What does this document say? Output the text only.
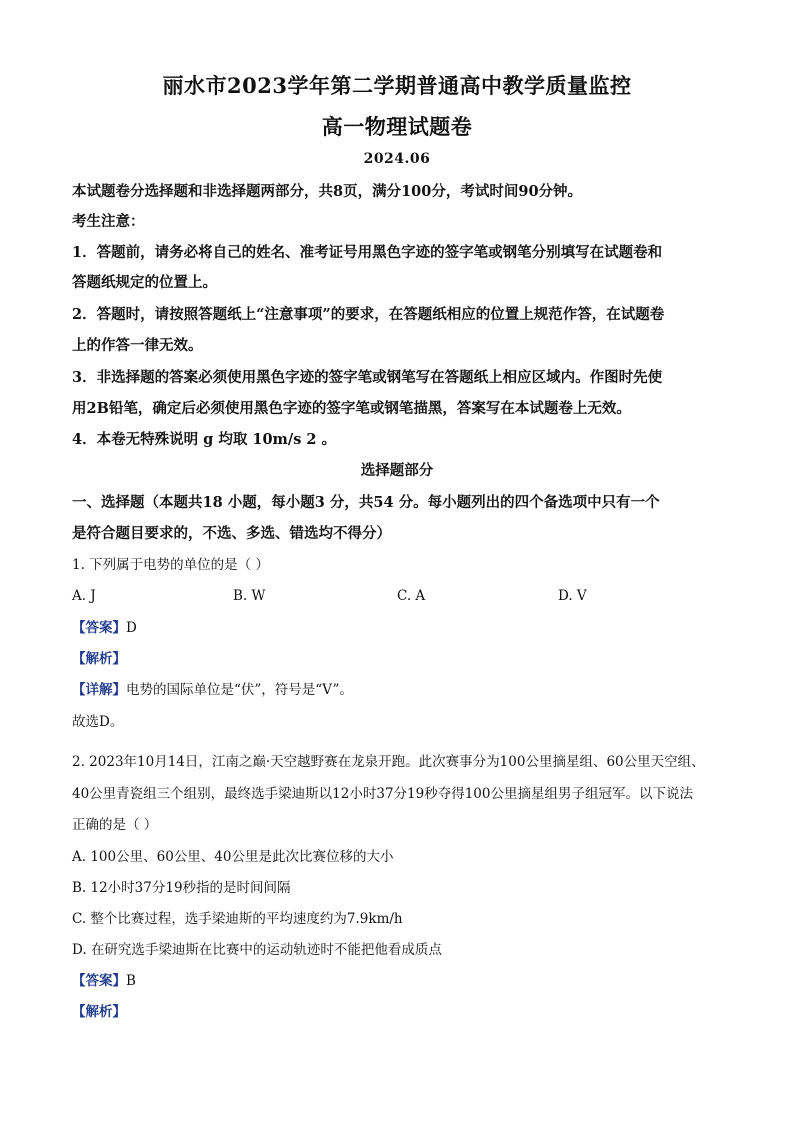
丽水市2023学年第二学期普通高中教学质量监控
高一物理试题卷
2024.06
本试题卷分选择题和非选择题两部分，共8页，满分100分，考试时间90分钟。
考生注意：
1．答题前，请务必将自己的姓名、准考证号用黑色字迹的签字笔或钢笔分别填写在试题卷和
答题纸规定的位置上。
2．答题时，请按照答题纸上“注意事项”的要求，在答题纸相应的位置上规范作答，在试题卷
上的作答一律无效。
3．非选择题的答案必须使用黑色字迹的签字笔或钢笔写在答题纸上相应区域内。作图时先使
用2B铅笔，确定后必须使用黑色字迹的签字笔或钢笔描黑，答案写在本试题卷上无效。
4．本卷无特殊说明 g 均取 10m/s 2 。
选择题部分
一、选择题（本题共18 小题，每小题3 分，共54 分。每小题列出的四个备选项中只有一个
是符合题目要求的，不选、多选、错选均不得分）
1. 下列属于电势的单位的是（ ）
A. J	B. W	C. A	D. V
【答案】D
【解析】
【详解】电势的国际单位是“伏”，符号是“V”。
故选D。
2. 2023年10月14日，江南之巅·天空越野赛在龙泉开跑。此次赛事分为100公里摘星组、60公里天空组、
40公里青瓷组三个组别，最终选手梁迪斯以12小时37分19秒夺得100公里摘星组男子组冠军。以下说法
正确的是（ ）
A. 100公里、60公里、40公里是此次比赛位移的大小
B. 12小时37分19秒指的是时间间隔
C. 整个比赛过程，选手梁迪斯的平均速度约为7.9km/h
D. 在研究选手梁迪斯在比赛中的运动轨迹时不能把他看成质点
【答案】B
【解析】
